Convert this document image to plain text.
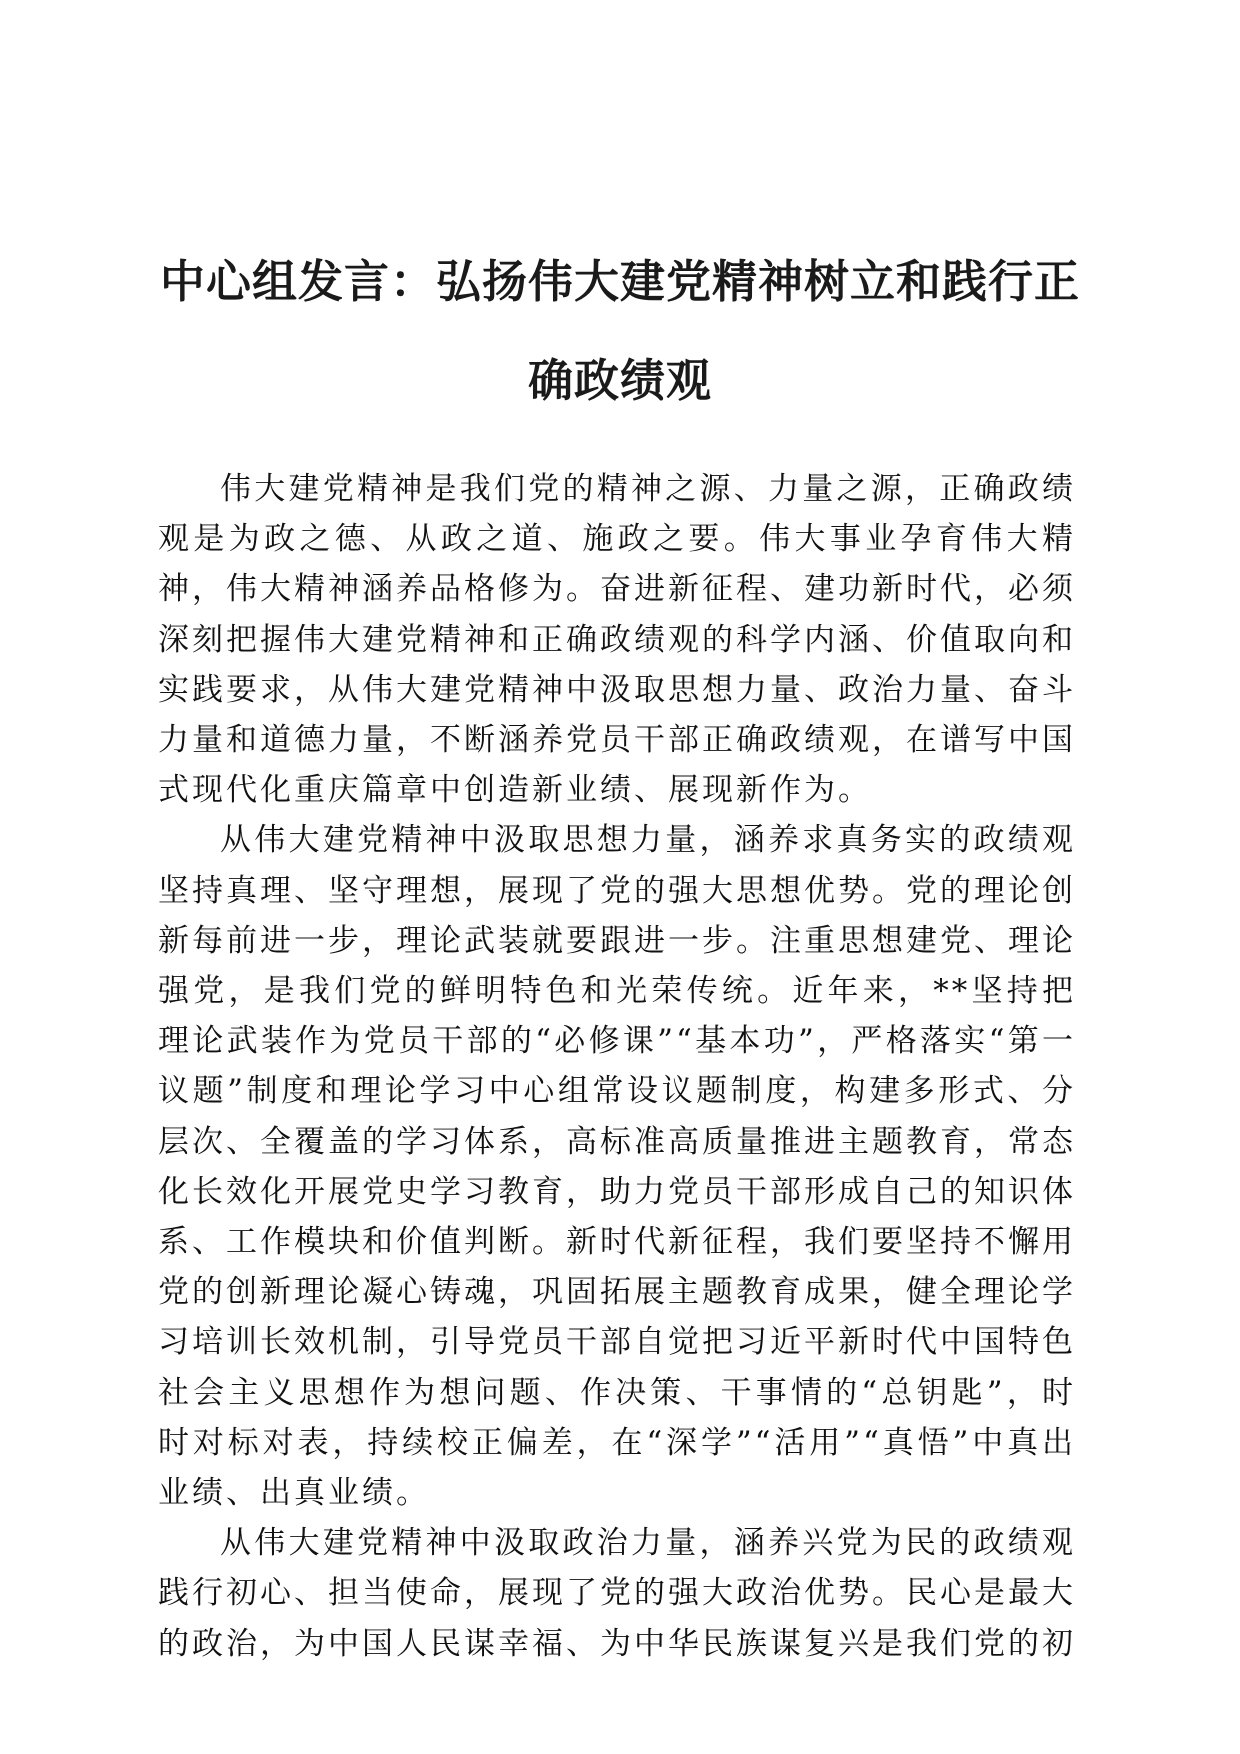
中心组发言：弘扬伟大建党精神树立和践行正
确政绩观

伟大建党精神是我们党的精神之源、力量之源，正确政绩观是为政之德、从政之道、施政之要。伟大事业孕育伟大精神，伟大精神涵养品格修为。奋进新征程、建功新时代，必须深刻把握伟大建党精神和正确政绩观的科学内涵、价值取向和实践要求，从伟大建党精神中汲取思想力量、政治力量、奋斗力量和道德力量，不断涵养党员干部正确政绩观，在谱写中国式现代化重庆篇章中创造新业绩、展现新作为。

从伟大建党精神中汲取思想力量，涵养求真务实的政绩观坚持真理、坚守理想，展现了党的强大思想优势。党的理论创新每前进一步，理论武装就要跟进一步。注重思想建党、理论强党，是我们党的鲜明特色和光荣传统。近年来，**坚持把理论武装作为党员干部的“必修课”“基本功”，严格落实“第一议题”制度和理论学习中心组常设议题制度，构建多形式、分层次、全覆盖的学习体系，高标准高质量推进主题教育，常态化长效化开展党史学习教育，助力党员干部形成自己的知识体系、工作模块和价值判断。新时代新征程，我们要坚持不懈用党的创新理论凝心铸魂，巩固拓展主题教育成果，健全理论学习培训长效机制，引导党员干部自觉把习近平新时代中国特色社会主义思想作为想问题、作决策、干事情的“总钥匙”，时时对标对表，持续校正偏差，在“深学”“活用”“真悟”中真出业绩、出真业绩。

从伟大建党精神中汲取政治力量，涵养兴党为民的政绩观践行初心、担当使命，展现了党的强大政治优势。民心是最大的政治，为中国人民谋幸福、为中华民族谋复兴是我们党的初
